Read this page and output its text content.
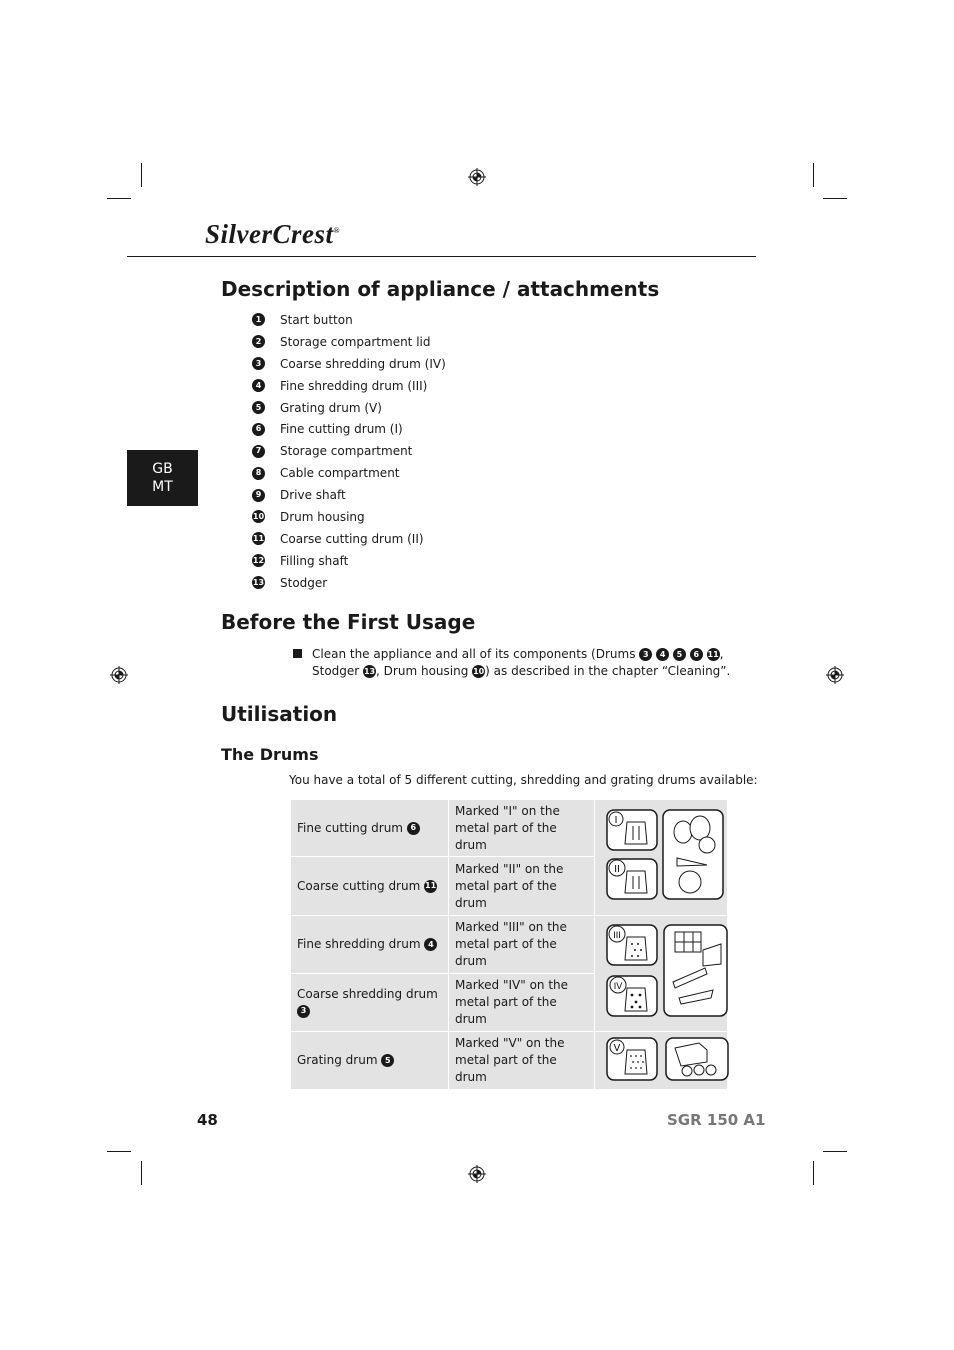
SilverCrest®
GB
MT
Description of appliance / attachments
1	Start button
2	Storage compartment lid
3	Coarse shredding drum (IV)
4	Fine shredding drum (III)
5	Grating drum (V)
6	Fine cutting drum (I)
7	Storage compartment
8	Cable compartment
9	Drive shaft
10 Drum housing
11 Coarse cutting drum (II)
12 Filling shaft
13 Stodger
Before the First Usage
Clean the appliance and all of its components (Drums 3 4 5 6 11,
Stodger 13, Drum housing 10) as described in the chapter “Cleaning”.
Utilisation
The Drums
You have a total of 5 different cutting, shredding and grating drums available:
Fine cutting drum 6	Marked "I" on the metal part of the drum	I
II

Coarse cutting drum 11	Marked "II" on the metal part of the drum	
Fine shredding drum 4	Marked "III" on the metal part of the drum	III
IV

Coarse shredding drum 3	Marked "IV" on the metal part of the drum	
Grating drum 5	Marked "V" on the metal part of the drum	V
48	SGR 150 A1
